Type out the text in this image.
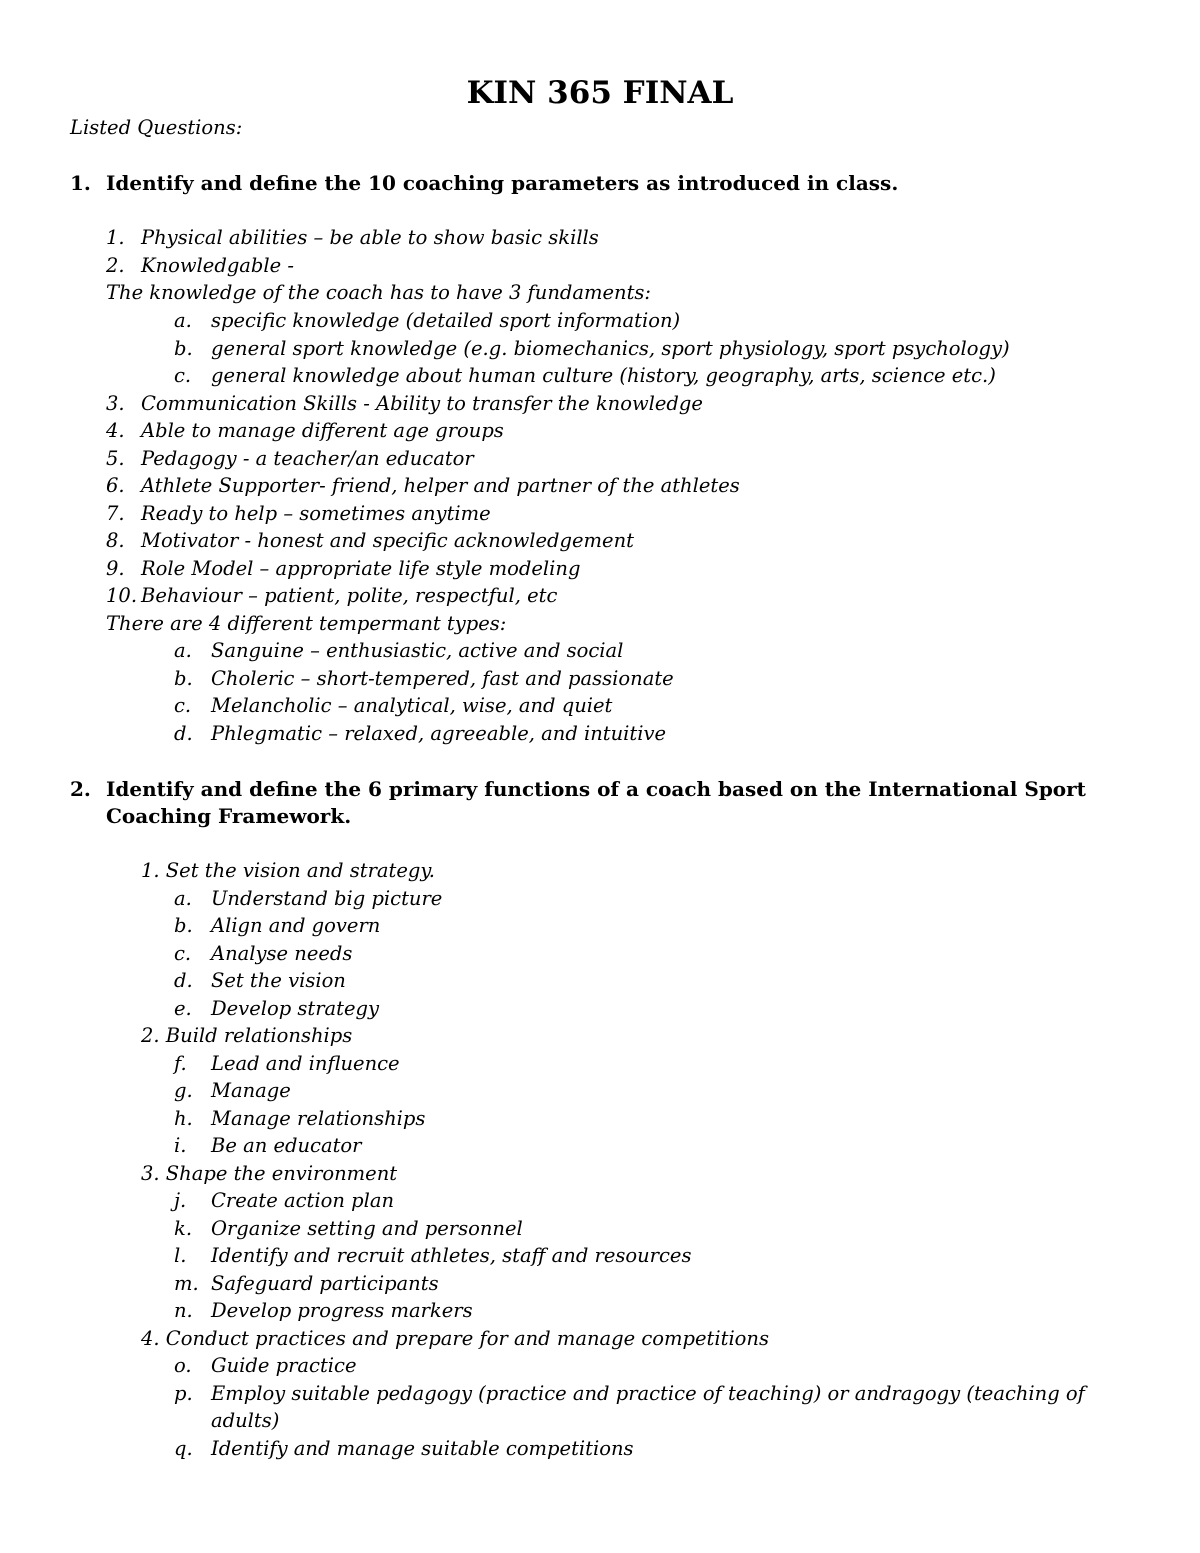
KIN 365 FINAL

Listed Questions:

1. Identify and define the 10 coaching parameters as introduced in class.

1. Physical abilities – be able to show basic skills

2. Knowledgable -

The knowledge of the coach has to have 3 fundaments:

a. specific knowledge (detailed sport information)

b. general sport knowledge (e.g. biomechanics, sport physiology, sport psychology)

c. general knowledge about human culture (history, geography, arts, science etc.)

3. Communication Skills - Ability to transfer the knowledge

4. Able to manage different age groups

5. Pedagogy - a teacher/an educator

6. Athlete Supporter- friend, helper and partner of the athletes

7. Ready to help – sometimes anytime

8. Motivator - honest and specific acknowledgement

9. Role Model – appropriate life style modeling

10. Behaviour – patient, polite, respectful, etc

There are 4 different tempermant types:

a. Sanguine – enthusiastic, active and social

b. Choleric – short-tempered, fast and passionate

c. Melancholic – analytical, wise, and quiet

d. Phlegmatic – relaxed, agreeable, and intuitive

2. Identify and define the 6 primary functions of a coach based on the International Sport

Coaching Framework.

1. Set the vision and strategy.

a. Understand big picture

b. Align and govern

c. Analyse needs

d. Set the vision

e. Develop strategy

2. Build relationships

f. Lead and influence

g. Manage

h. Manage relationships

i. Be an educator

3. Shape the environment

j. Create action plan

k. Organize setting and personnel

l. Identify and recruit athletes, staff and resources

m. Safeguard participants

n. Develop progress markers

4. Conduct practices and prepare for and manage competitions

o. Guide practice

p. Employ suitable pedagogy (practice and practice of teaching) or andragogy (teaching of

adults)

q. Identify and manage suitable competitions
